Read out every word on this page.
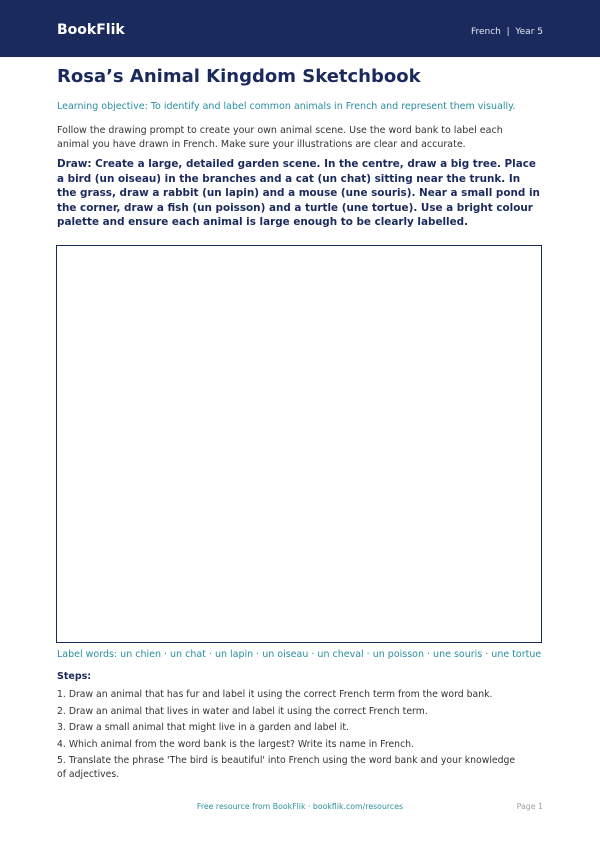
BookFlik	French  |  Year 5
Rosa’s Animal Kingdom Sketchbook
Learning objective: To identify and label common animals in French and represent them visually.
Follow the drawing prompt to create your own animal scene. Use the word bank to label each animal you have drawn in French. Make sure your illustrations are clear and accurate.
Draw: Create a large, detailed garden scene. In the centre, draw a big tree. Place a bird (un oiseau) in the branches and a cat (un chat) sitting near the trunk. In the grass, draw a rabbit (un lapin) and a mouse (une souris). Near a small pond in the corner, draw a fish (un poisson) and a turtle (une tortue). Use a bright colour palette and ensure each animal is large enough to be clearly labelled.
Label words: un chien · un chat · un lapin · un oiseau · un cheval · un poisson · une souris · une tortue
Steps:
1. Draw an animal that has fur and label it using the correct French term from the word bank.
2. Draw an animal that lives in water and label it using the correct French term.
3. Draw a small animal that might live in a garden and label it.
4. Which animal from the word bank is the largest? Write its name in French.
5. Translate the phrase 'The bird is beautiful' into French using the word bank and your knowledge of adjectives.
Free resource from BookFlik · bookflik.com/resources	Page 1
